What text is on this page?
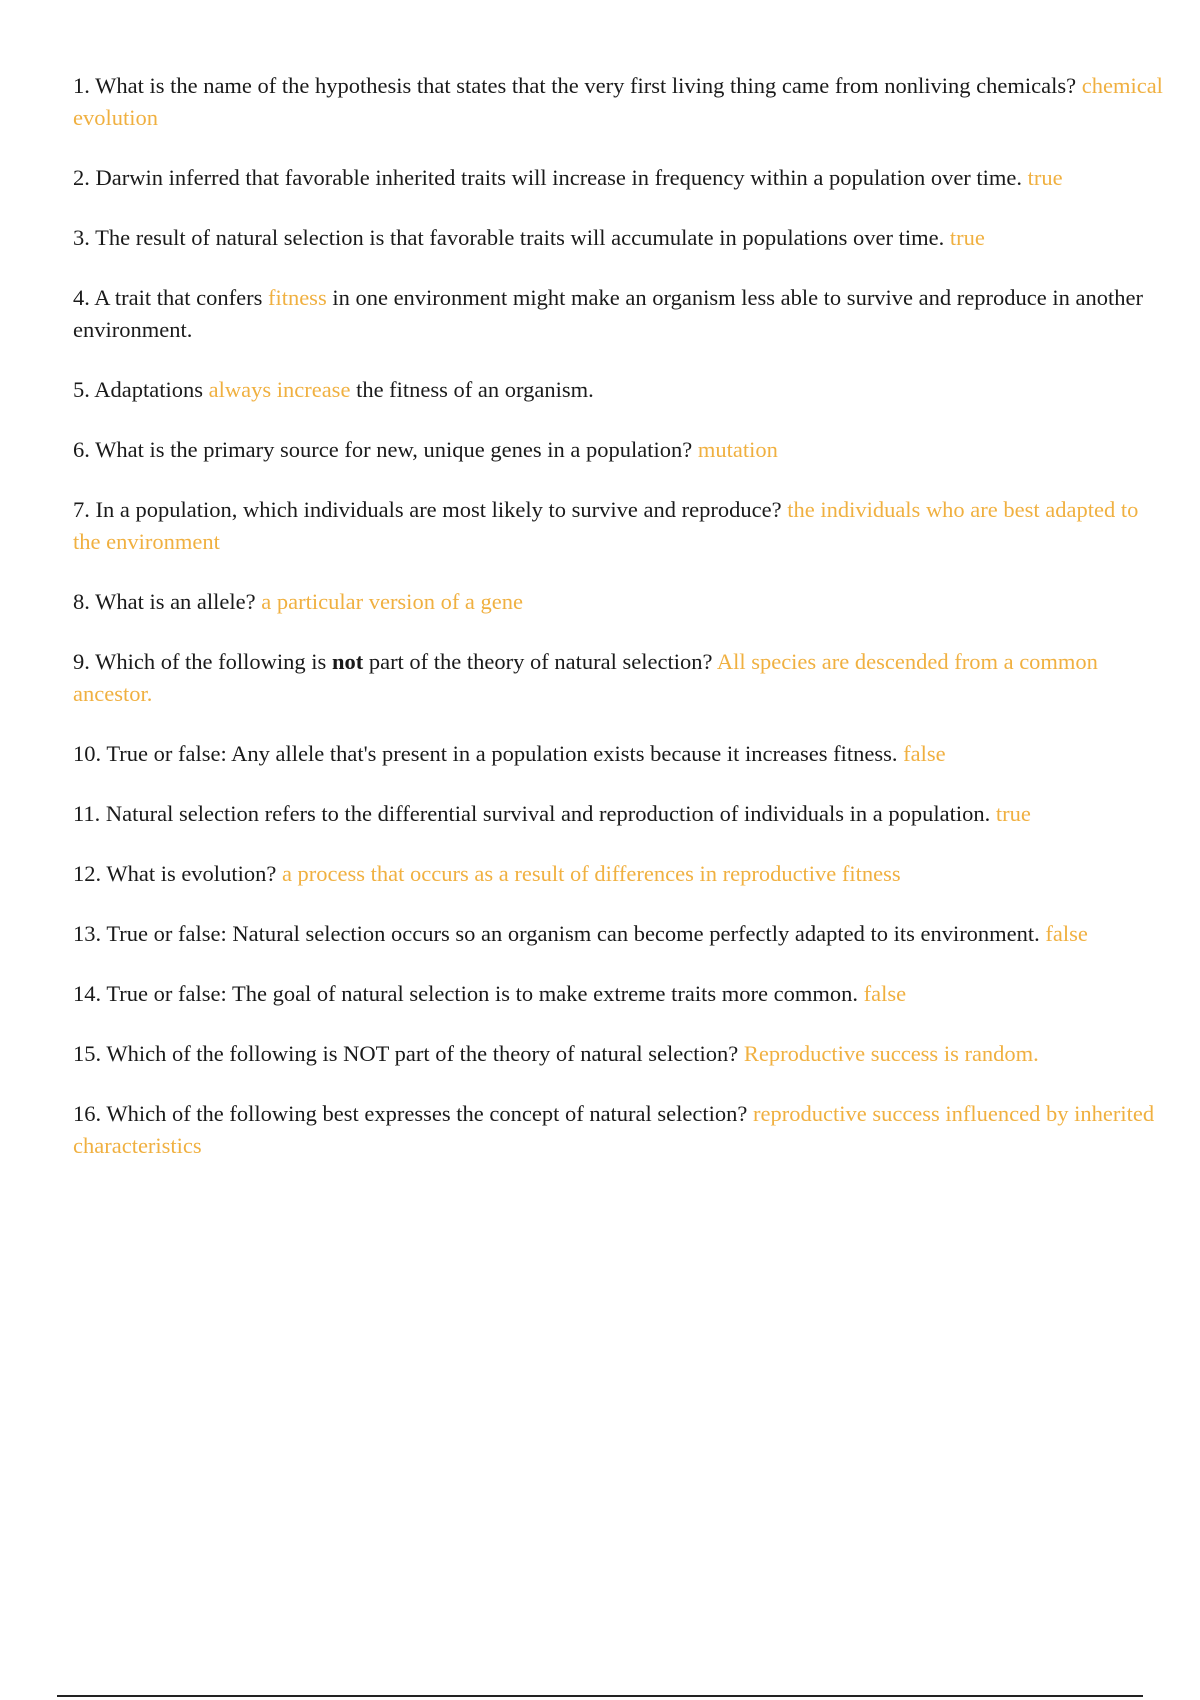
1. What is the name of the hypothesis that states that the very first living thing came from nonliving chemicals? chemical evolution

2. Darwin inferred that favorable inherited traits will increase in frequency within a population over time. true

3. The result of natural selection is that favorable traits will accumulate in populations over time. true

4. A trait that confers fitness in one environment might make an organism less able to survive and reproduce in another environment.

5. Adaptations always increase the fitness of an organism.

6. What is the primary source for new, unique genes in a population? mutation

7. In a population, which individuals are most likely to survive and reproduce? the individuals who are best adapted to the environment

8. What is an allele? a particular version of a gene

9. Which of the following is not part of the theory of natural selection? All species are descended from a common ancestor.

10. True or false: Any allele that's present in a population exists because it increases fitness. false

11. Natural selection refers to the differential survival and reproduction of individuals in a population. true

12. What is evolution? a process that occurs as a result of differences in reproductive fitness

13. True or false: Natural selection occurs so an organism can become perfectly adapted to its environment. false

14. True or false: The goal of natural selection is to make extreme traits more common. false

15. Which of the following is NOT part of the theory of natural selection? Reproductive success is random.

16. Which of the following best expresses the concept of natural selection? reproductive success influenced by inherited characteristics
